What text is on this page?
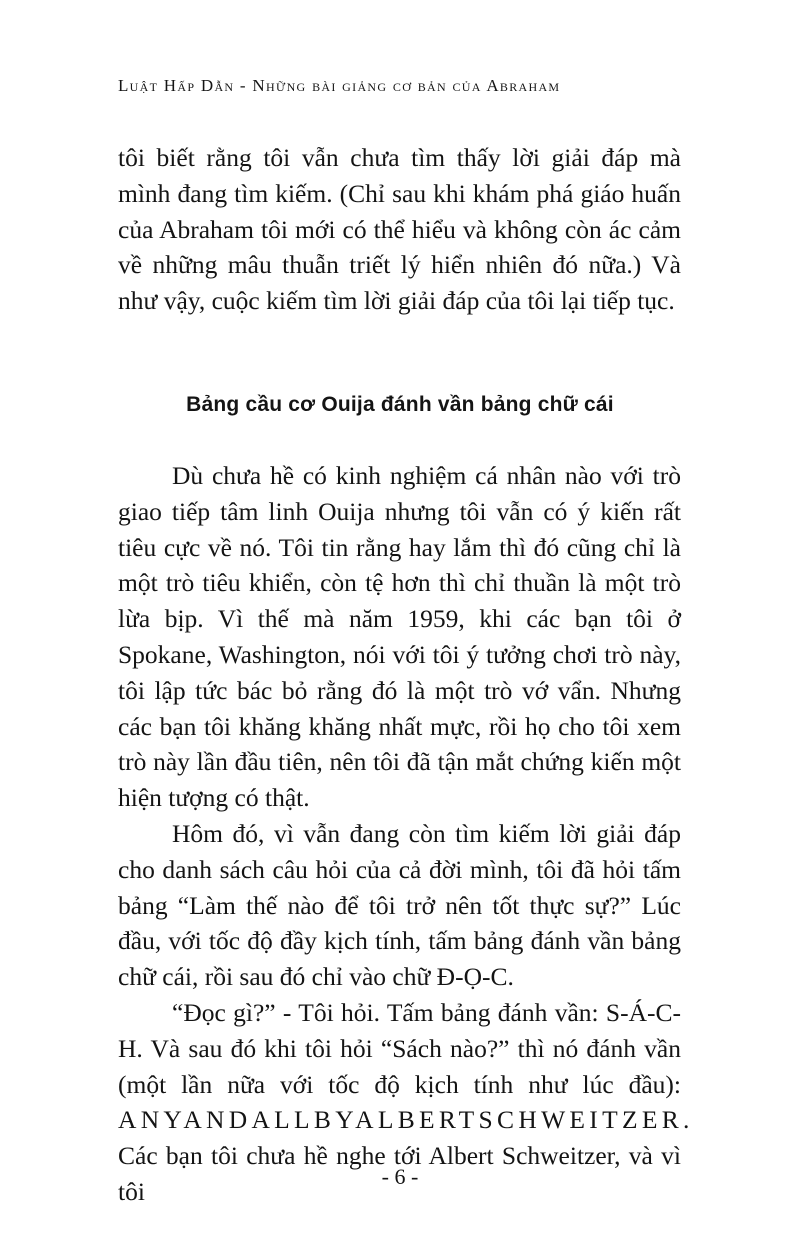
Luật Hấp Dẫn - Những bài giảng cơ bản của Abraham

tôi biết rằng tôi vẫn chưa tìm thấy lời giải đáp mà mình đang tìm kiếm. (Chỉ sau khi khám phá giáo huấn của Abraham tôi mới có thể hiểu và không còn ác cảm về những mâu thuẫn triết lý hiển nhiên đó nữa.) Và như vậy, cuộc kiếm tìm lời giải đáp của tôi lại tiếp tục.

Bảng cầu cơ Ouija đánh vần bảng chữ cái

Dù chưa hề có kinh nghiệm cá nhân nào với trò giao tiếp tâm linh Ouija nhưng tôi vẫn có ý kiến rất tiêu cực về nó. Tôi tin rằng hay lắm thì đó cũng chỉ là một trò tiêu khiển, còn tệ hơn thì chỉ thuần là một trò lừa bịp. Vì thế mà năm 1959, khi các bạn tôi ở Spokane, Washington, nói với tôi ý tưởng chơi trò này, tôi lập tức bác bỏ rằng đó là một trò vớ vẩn. Nhưng các bạn tôi khăng khăng nhất mực, rồi họ cho tôi xem trò này lần đầu tiên, nên tôi đã tận mắt chứng kiến một hiện tượng có thật.

Hôm đó, vì vẫn đang còn tìm kiếm lời giải đáp cho danh sách câu hỏi của cả đời mình, tôi đã hỏi tấm bảng “Làm thế nào để tôi trở nên tốt thực sự?” Lúc đầu, với tốc độ đầy kịch tính, tấm bảng đánh vần bảng chữ cái, rồi sau đó chỉ vào chữ Đ-Ọ-C.

“Đọc gì?” - Tôi hỏi. Tấm bảng đánh vần: S-Á-C-H. Và sau đó khi tôi hỏi “Sách nào?” thì nó đánh vần (một lần nữa với tốc độ kịch tính như lúc đầu): ANYANDALLBYALBERTSCHWEITZER. Các bạn tôi chưa hề nghe tới Albert Schweitzer, và vì tôi

- 6 -
